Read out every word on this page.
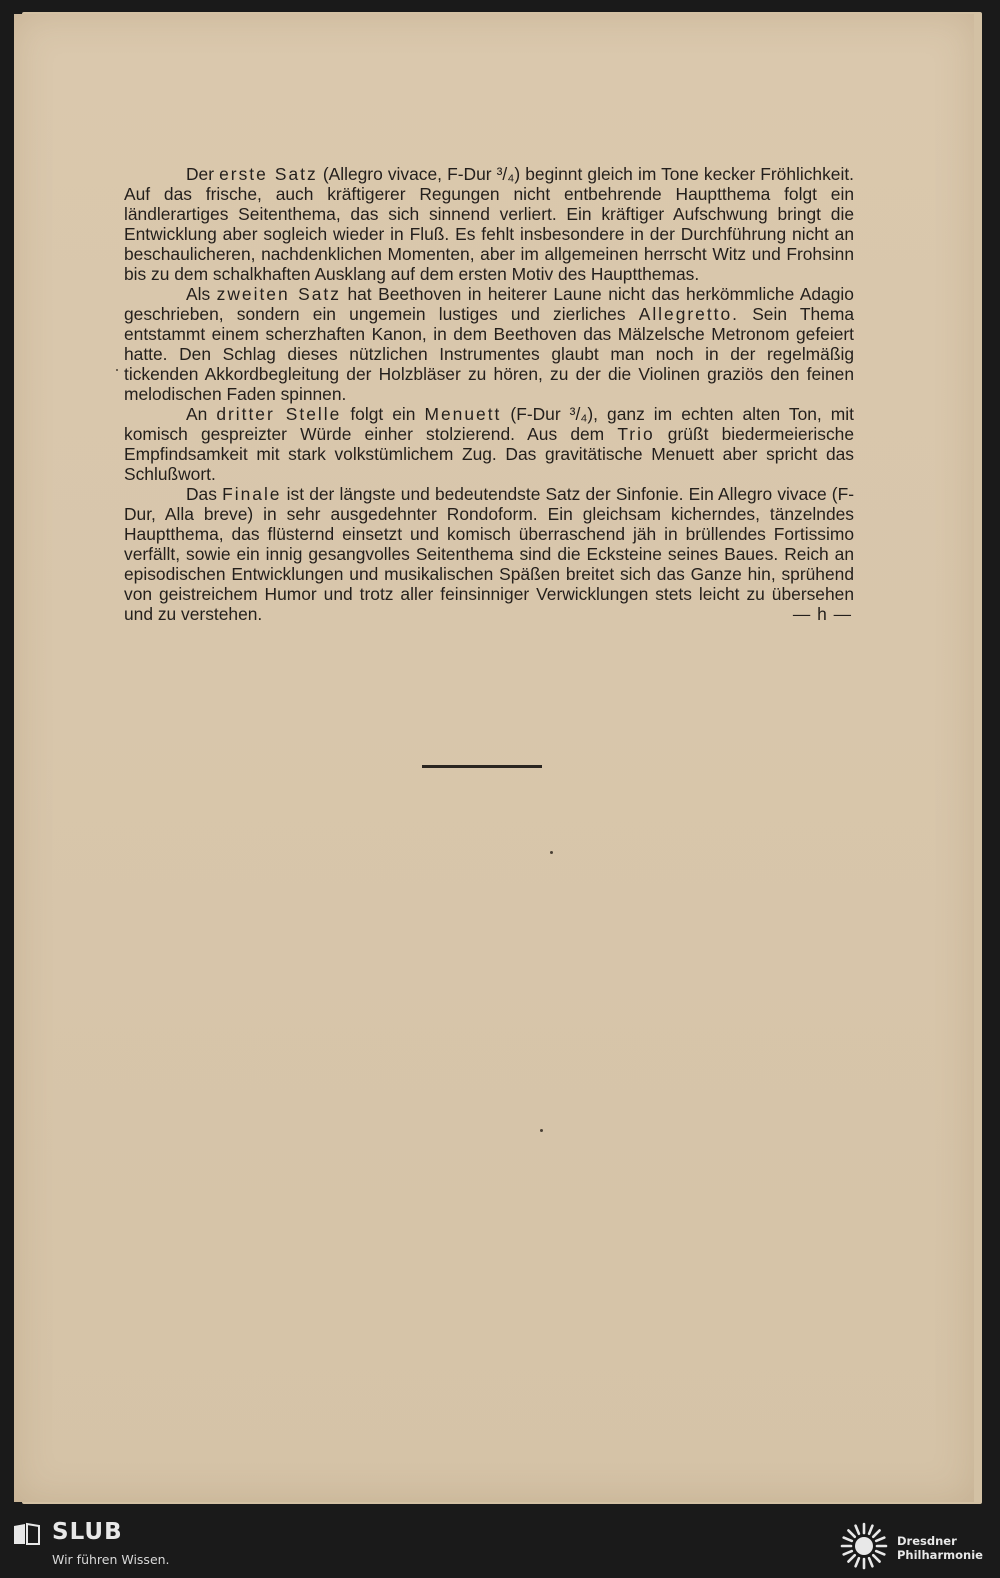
Der erste Satz (Allegro vivace, F-Dur ³/₄) beginnt gleich im Tone kecker Fröhlichkeit. Auf das frische, auch kräftigerer Regungen nicht entbehrende Hauptthema folgt ein ländlerartiges Seitenthema, das sich sinnend verliert. Ein kräftiger Aufschwung bringt die Entwicklung aber sogleich wieder in Fluß. Es fehlt insbesondere in der Durchführung nicht an beschaulicheren, nachdenklichen Momenten, aber im allgemeinen herrscht Witz und Frohsinn bis zu dem schalkhaften Ausklang auf dem ersten Motiv des Hauptthemas.

Als zweiten Satz hat Beethoven in heiterer Laune nicht das herkömmliche Adagio geschrieben, sondern ein ungemein lustiges und zierliches Allegretto. Sein Thema entstammt einem scherzhaften Kanon, in dem Beethoven das Mälzelsche Metronom gefeiert hatte. Den Schlag dieses nützlichen Instrumentes glaubt man noch in der regelmäßig tickenden Akkordbegleitung der Holzbläser zu hören, zu der die Violinen graziös den feinen melodischen Faden spinnen.

An dritter Stelle folgt ein Menuett (F-Dur ³/₄), ganz im echten alten Ton, mit komisch gespreizter Würde einher stolzierend. Aus dem Trio grüßt biedermeierische Empfindsamkeit mit stark volkstümlichem Zug. Das gravitätische Menuett aber spricht das Schlußwort.

Das Finale ist der längste und bedeutendste Satz der Sinfonie. Ein Allegro vivace (F-Dur, Alla breve) in sehr ausgedehnter Rondoform. Ein gleichsam kicherndes, tänzelndes Hauptthema, das flüsternd einsetzt und komisch überraschend jäh in brüllendes Fortissimo verfällt, sowie ein innig gesangvolles Seitenthema sind die Ecksteine seines Baues. Reich an episodischen Entwicklungen und musikalischen Späßen breitet sich das Ganze hin, sprühend von geistreichem Humor und trotz aller feinsinniger Verwicklungen stets leicht zu übersehen und zu verstehen.	— h —

SLUB
Wir führen Wissen.
Dresdner
Philharmonie
